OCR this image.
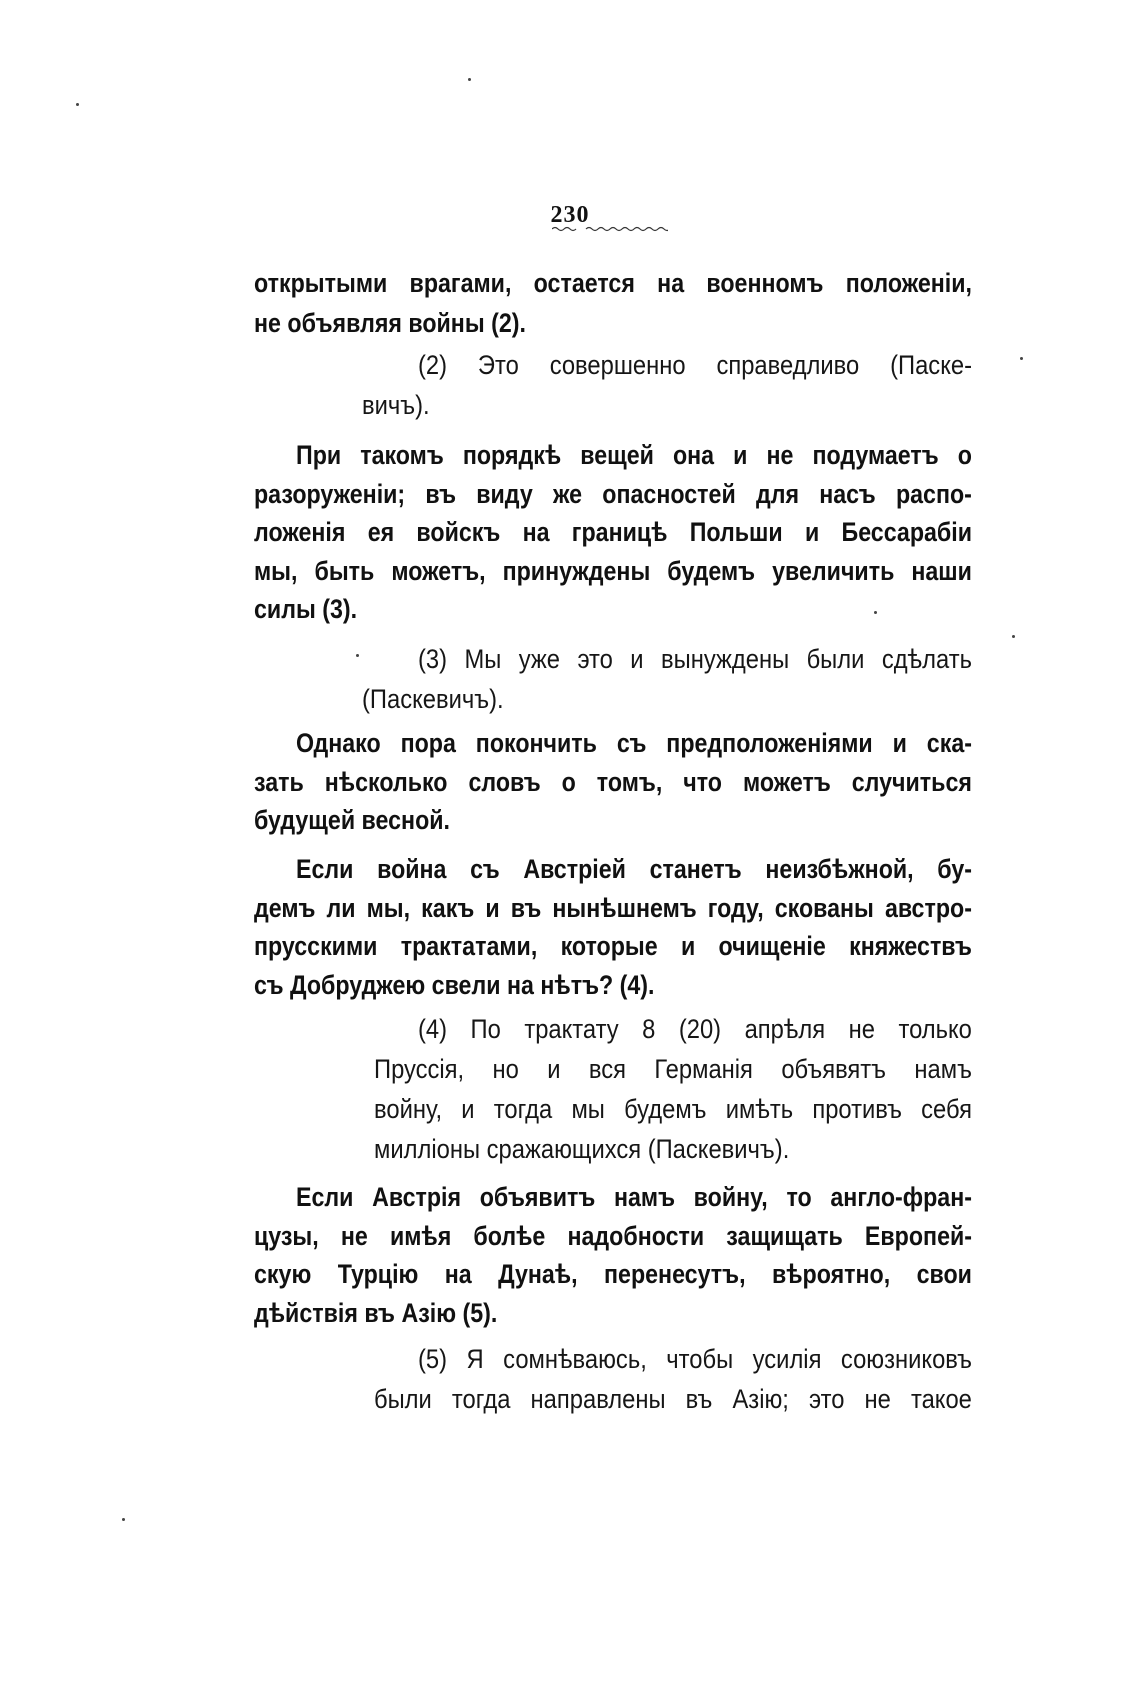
230
открытыми врагами, остается на военномъ положеніи,
не объявляя войны (2).
(2) Это совершенно справедливо (Паске-
вичъ).
При такомъ порядкѣ вещей она и не подумаетъ о
разоруженіи; въ виду же опасностей для насъ распо-
ложенія ея войскъ на границѣ Польши и Бессарабіи
мы, быть можетъ, принуждены будемъ увеличить наши
силы (3).
(3) Мы уже это и вынуждены были сдѣлать
(Паскевичъ).
Однако пора покончить съ предположеніями и ска-
зать нѣсколько словъ о томъ, что можетъ случиться
будущей весной.
Если война съ Австріей станетъ неизбѣжной, бу-
демъ ли мы, какъ и въ нынѣшнемъ году, скованы австро-
прусскими трактатами, которые и очищеніе княжествъ
съ Добруджею свели на нѣтъ? (4).
(4) По трактату 8 (20) апрѣля не только
Пруссія, но и вся Германія объявятъ намъ
войну, и тогда мы будемъ имѣть противъ себя
милліоны сражающихся (Паскевичъ).
Если Австрія объявитъ намъ войну, то англо-фран-
цузы, не имѣя болѣе надобности защищать Европей-
скую Турцію на Дунаѣ, перенесутъ, вѣроятно, свои
дѣйствія въ Азію (5).
(5) Я сомнѣваюсь, чтобы усилія союзниковъ
были тогда направлены въ Азію; это не такое
